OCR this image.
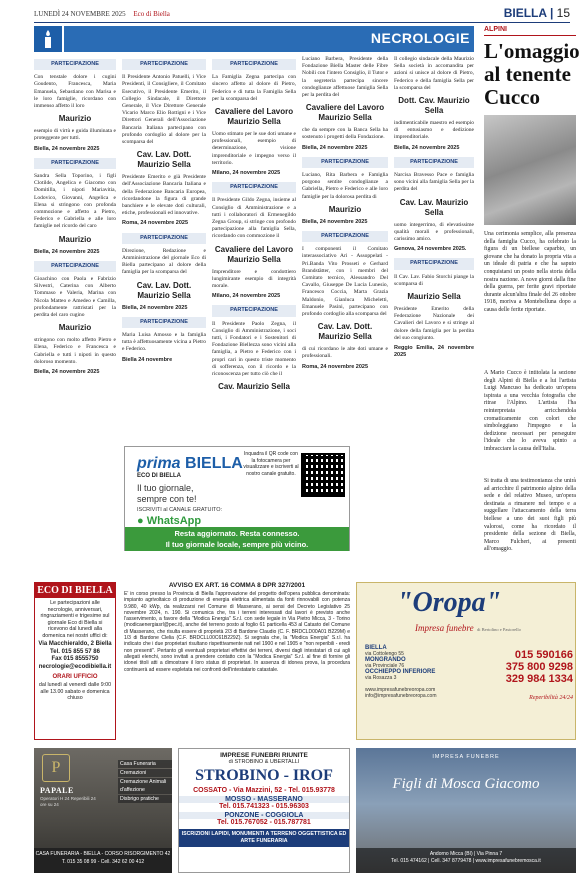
LUNEDÌ 24 NOVEMBRE 2025 Eco di Biella	BIELLA | 15
NECROLOGIE
PARTECIPAZIONE
Con tenstale dolore i cugini Goudento, Francesca, Maria Emanuela, Sebastiano con Marisa e le loro famiglie, ricordano con immenso affetto il loro
Maurizio
esempio di virtù e guida illuminata e proteggente per tutti.
Biella, 24 novembre 2025
PARTECIPAZIONE
Sandra Sella Toporino, i figli Clotilde, Angelica e Giacomo con Domitilla, i nipoti Mariavitia, Lodovico, Giovanni, Angelica e Elena si stringono con profonda commozione e affetto a Pietro, Federico e Gabriella e alle loro famiglie nel ricordo del caro
Maurizio
Biella, 24 novembre 2025
PARTECIPAZIONE
Gioachino con Paola e Fabrizio Silvestri, Caterina con Alberto Tommaso e Valeria, Marina con Nicola Matteo e Amedeo e Camilla, profondamente rattristati per la perdita del caro cugino
Maurizio
stringono con molto affetto Pietro e Elena, Federico e Francesca e Gabriella e tutti i nipoti in questo doloroso momento.
Biella, 24 novembre 2025
PARTECIPAZIONE
Il Presidente Antonio Patuelli, i Vice Presidenti, il Consigliere, il Comitato Esecutivo, il Presidente Emerito, il Collegio Sindacale, il Direttore Generale, il Vice Direttore Generale Vicario Marco Elio Rottigni e i Vice Direttori Generali dell'Associazione Bancaria Italiana partecipano con profondo cordoglio al dolore per la scomparsa del
Cav. Lav. Dott. Maurizio Sella
Presidente Emerito e già Presidente dell'Associazione Bancaria Italiana e della Federazione Bancaria Europea, ricordandone la figura di grande banchiere e le elevate doti culturali, etiche, professionali ed innovative.
Roma, 24 novembre 2025
PARTECIPAZIONE
Direzione, Redazione e Amministrazione del giornale Eco di Biella partecipano al dolore della famiglia per la scomparsa del
Cav. Lav. Dott. Maurizio Sella
Biella, 24 novembre 2025
PARTECIPAZIONE
Maria Luisa Amosso e la famiglia tutta è affettuosamente vicina a Pietro e Federico.
Biella 24 novembre
PARTECIPAZIONE
La Famiglia Zegna partecipa con sincero affetto al dolore di Pietro, Federico e di tutta la Famiglia Sella per la scomparsa del
Cavaliere del Lavoro Maurizio Sella
Uomo stimato per le sue doti umane e professionali, esempio di determinazione, visione imprenditoriale e impegno verso il territorio.
Milano, 24 novembre 2025
PARTECIPAZIONE
Il Presidente Gildo Zegna, insieme al Consiglio di Amministrazione e a tutti i collaboratori di Ermenegildo Zegna Group, si stringe con profondo partecipazione alla famiglia Sella, ricordando con commozione il
Cavaliere del Lavoro Maurizio Sella
Imprenditore e condottiero lungimirante esempio di integrità morale.
Milano, 24 novembre 2025
PARTECIPAZIONE
Il Presidente Paolo Zegna, il Consiglio di Amministrazione, i soci tutti, i Fondatori e i Sostenitori di Fondazione Biellezza sono vicini alla famiglia, a Pietro e Federico con i propri cari in questo triste momento di sofferenza, con il ricordo e la riconoscenza per tutto ciò che il
Cav. Maurizio Sella
Luciano Barbera, Presidente della Fondazione Biella Master delle Fibre Nobili con l'intero Consiglio, il Tutor e la segreteria partecipa sincere condoglianze affettuose famiglia Sella per la perdita del
Cavaliere del Lavoro Maurizio Sella
che da sempre con la Banca Sella ha sostenuto i progetti della Fondazione.
Biella, 24 novembre 2025
PARTECIPAZIONE
Luciano, Rita Barbera e Famiglia porgono sentite condoglianze a Gabriella, Pietro e Federico e alle loro famiglie per la dolorosa perdita di
Maurizio
Biella, 24 novembre 2025
PARTECIPAZIONE
I componenti il Comitato interassociativo Ari - Assoppelati - Pri.Banda Vito Prosseti e Gerhard Brandstätter, con i membri del Comitato tecnico, Alessandro Del Cavallo, Giuseppe De Lucia Lunesio, Francesco Coccia, Marta Grazia Maldonio, Gianluca Micheletti, Emanuele Pasini, partecipano con profondo cordoglio alla scomparsa del
Cav. Lav. Dott. Maurizio Sella
di cui ricordano le alte doti umane e professionali.
Roma, 24 novembre 2025
Il collegio sindacale della Maurizio Sella società in accomandita per azioni si unisce al dolore di Pietro, Federico e della famiglia Sella per la scomparsa del
Dott. Cav. Maurizio Sella
indimenticabile maestro ed esempio di entusiasmo e dedizione imprenditoriale.
Biella, 24 novembre 2025
PARTECIPAZIONE
Narcisa Bravesso Pace e famiglia sono vicini alla famiglia Sella per la perdita del
Cav. Lav. Maurizio Sella
uomo integerrimo, di elevatissime qualità morali e professionali, carissimo amico.
Genova, 24 novembre 2025.
PARTECIPAZIONE
Il Cav. Lav. Fabio Storchi piange la scomparsa di
Maurizio Sella
Presidente Emerito della Federazione Nazionale dei Cavalieri del Lavoro e si stringe al dolore della famiglia per la perdita del suo congiunto.
Reggio Emilia, 24 novembre 2025
ALPINI
L'omaggio al tenente Cucco
Una cerimonia semplice, alla presenza della famiglia Cucco, ha celebrato la figura di un biellese caparbio, un giovane che ha donato la propria vita a un ideale di patria e che ha saputo conquistarsi un posto nella storia della nostra nazione. A nove giorni dalla fine della guerra, per ferite gravi riportate durante alcun'altra finale del 26 ottobre 1918, moriva a Montebelluna dopo a causa delle ferite riportate.
A Mario Cucco è intitolata la sezione degli Alpini di Biella e a lui l'artista Luigi Mancuso ha dedicato un'opera ispirata a una vecchia fotografia che ritrae l'Alpino. L'artista l'ha reinterpretata arricchendola cromaticamente con colori che simboleggiano l'impegno e la dedizione necessari per perseguire l'ideale che lo aveva spinto a imbracciare la causa dell'Italia.
Si tratta di una testimonianza che unirà ad arricchire il patrimonio alpino della sede e del relativo Museo, un'opera destinata a rimanere nel tempo e a suggellare l'attaccamento della terra biellese a uno dei suoi figli più valorosi, come ha ricordato il presidente della sezione di Biella, Marco Fulcheri, ai presenti all'omaggio.
prima BIELLA
ECO DI BIELLA
Il tuo giornale,
sempre con te!
Inquadra il QR code con la fotocamera per visualizzare e iscriverti al nostro canale gratuito.
ISCRIVITI al CANALE GRATUITO:
● WhatsApp
Resta aggiornato. Resta connesso.
Il tuo giornale locale, sempre più vicino.
ECO DI BIELLA
Le partecipazioni alle necrologie, anniversari, ringraziamenti e trigesime sul giornale Eco di Biella si ricevono dal lunedì alla domenica nei nostri uffici di:
Via Macchieraldo, 2 Biella
Tel. 015 855 57 86
Fax 015 8555750
necrologie@ecodibiella.it
ORARI UFFICIO
dal lunedì al venerdì dalle 9:00 alle 13.00 sabato e domenica chiuso
AVVISO EX ART. 16 COMMA 8 DPR 327/2001
E' in corso presso la Provincia di Biella l'approvazione del progetto dell'opera pubblica denominata: impianto agrivoltaico di produzione di energia elettrica alimentata da fonti rinnovabili con potenza 9.980, 40 kWp, da realizzarsi nel Comune di Masserano, ai sensi del Decreto Legislativo 25 novembre 2024, n. 190. Si comunica che, tra i terreni interessati dal lavori è previsto anche l'asservimento, a favore della "Modica Energia" S.r.l. con sede legale in Via Pietro Micca, 3 - Torino (modicaenergiasrl@pec.it), anche del terreno posto al foglio 61 particella 453 al Catasto del Comune di Masserano, che risulta essere di proprietà 2/3 di Bardone Claudio (C. F. BRDCLD00A01 B229M) e 1/3 di Bardone Clelia (C.F. BRDCLL00C61B229Z). Si segnala che, la "Modica Energia" S.r.l. ha indicato che i due proprietari risultano rispettivamente nati nel 1900 e nel 1905 e "non reperibili - eredi non presenti". Pertanto gli eventuali proprietari effettivi dei terreni, diversi dagli intestatari di cui agli allegati elenchi, sono invitati a prendere contatto con la "Modica Energia" S.r.l. al fine di fornire gli idonei titoli atti a dimostrare il loro status di proprietari. In assenza di idonea prova, la procedura continuerà ad essere espletata nei confronti dell'intestatario catastale.
"Oropa"
Impresa funebre di Bertolino e Pastorello
BIELLA
via Cottolengo 55
MONGRANDO
via Provinciale 76
OCCHIEPPO INFERIORE
via Rosazza 3
www.impresafunebreoropa.com
info@impresafunebreoropa.com
015 590166
375 800 9298
329 984 1334
Reperibilità 24/24
P
PAPALE
Operatori H 24 Reperibili 24 ore su 24
Casa Funeraria
Cremazioni
Cremazione Animali d'affezione
Disbrigo pratiche
CASA FUNERARIA - BIELLA - CORSO RISORGIMENTO 42
T. 015 35 08 99 - Cell. 342 62 00 412
IMPRESE FUNEBRI RIUNITE
di STROBINO & UBERTALLI
STROBINO - IROF
COSSATO - Via Mazzini, 52 - Tel. 015.93778
MOSSO - MASSERANO
Tel. 015.741323 - 015.96303
PONZONE - COGGIOLA
Tel. 015.767052 - 015.787781
ISCRIZIONI LAPIDI, MONUMENTI A TERRENO OGGETTISTICA ED ARTE FUNERARIA
IMPRESA FUNEBRE
Figli di Mosca Giacomo
Andorno Micca (BI) | Via Pinna 7
Tel. 015 474162 | Cell. 347 8779478 | www.impresafunebremosca.it
